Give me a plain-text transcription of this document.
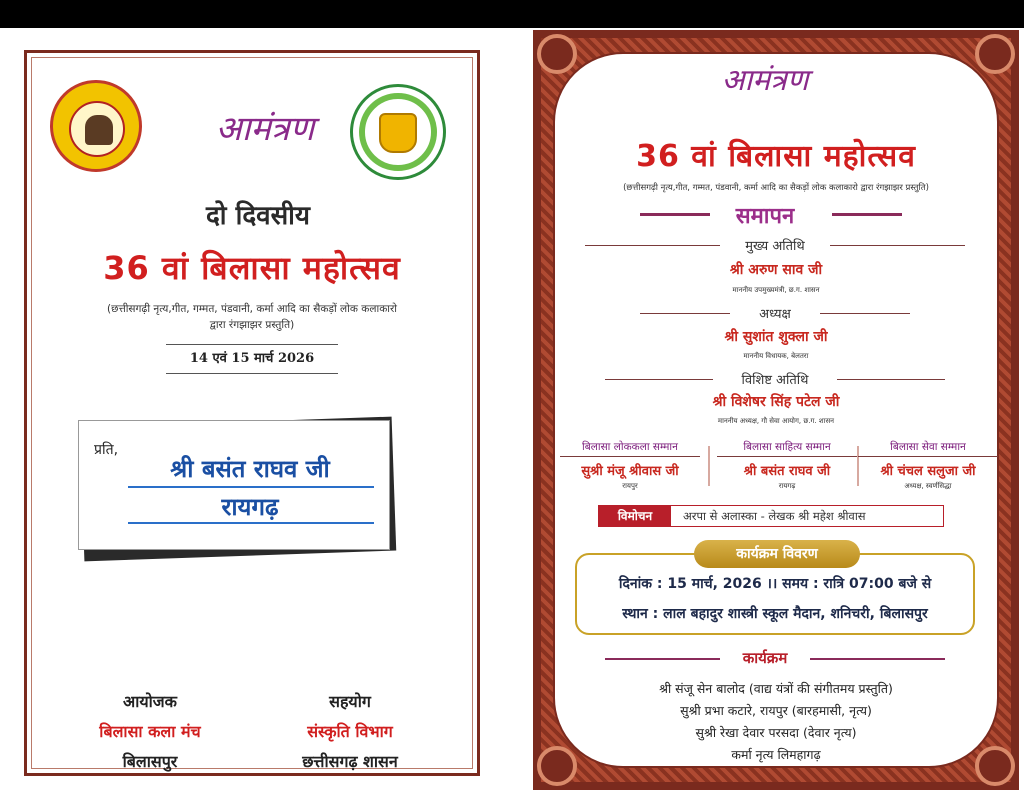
आमंत्रण
दो दिवसीय
36 वां बिलासा महोत्सव
(छत्तीसगढ़ी नृत्य,गीत, गम्मत, पंडवानी, कर्मा आदि का सैकड़ों लोक कलाकारो
द्वारा रंगझाझर प्रस्तुति)
14 एवं 15 मार्च 2026
प्रति,
श्री बसंत राघव जी
रायगढ़
आयोजक
बिलासा कला मंच
बिलासपुर
सहयोग
संस्कृति विभाग
छत्तीसगढ़ शासन
आमंत्रण
36 वां बिलासा महोत्सव
(छत्तीसगढ़ी नृत्य,गीत, गम्मत, पंडवानी, कर्मा आदि का सैकड़ों लोक कलाकारो द्वारा रंगझाझर प्रस्तुति)
समापन
मुख्य अतिथि
श्री अरुण साव जी
माननीय उपमुख्यमंत्री, छ.ग. शासन
अध्यक्ष
श्री सुशांत शुक्ला जी
माननीय विधायक, बेलतरा
विशिष्ट अतिथि
श्री विशेषर सिंह पटेल जी
माननीय अध्यक्ष, गौ सेवा आयोग, छ.ग. शासन
बिलासा लोककला सम्मान
सुश्री मंजू श्रीवास जी
रायपुर
बिलासा साहित्य सम्मान
श्री बसंत राघव जी
रायगढ़
बिलासा सेवा सम्मान
श्री चंचल सलुजा जी
अध्यक्ष, स्वर्णसिद्धा
विमोचन	अरपा से अलास्का - लेखक श्री महेश श्रीवास
कार्यक्रम विवरण
दिनांक : 15 मार्च, 2026 ।। समय : रात्रि 07:00 बजे से
स्थान : लाल बहादुर शास्त्री स्कूल मैदान, शनिचरी, बिलासपुर
कार्यक्रम
श्री संजू सेन बालोद (वाद्य यंत्रों की संगीतमय प्रस्तुति)
सुश्री प्रभा कटारे, रायपुर (बारहमासी, नृत्य)
सुश्री रेखा देवार परसदा (देवार नृत्य)
कर्मा नृत्य लिमहागढ़
